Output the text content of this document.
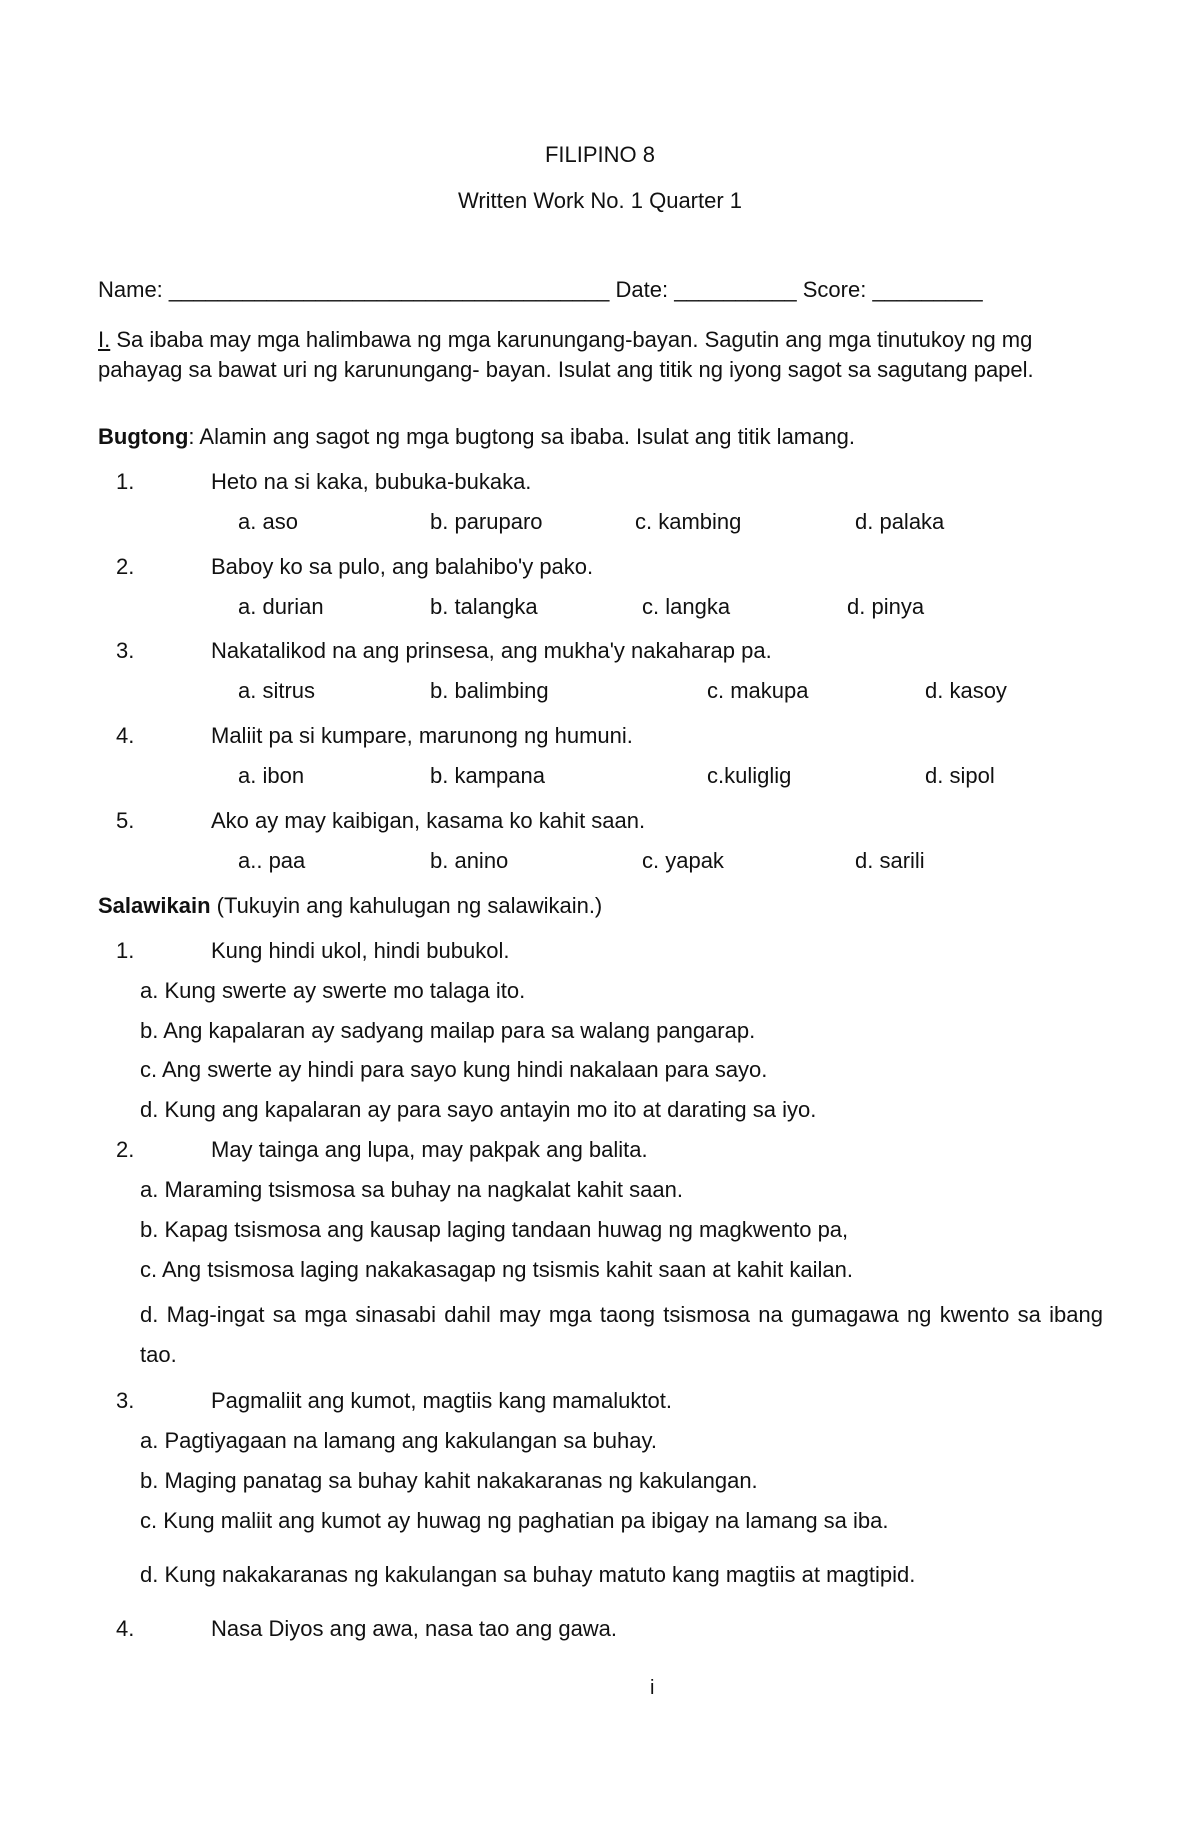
FILIPINO 8
Written Work No. 1 Quarter 1
Name: ____________________________________ Date: __________ Score: _________
I. Sa ibaba may mga halimbawa ng mga karunungang-bayan. Sagutin ang mga tinutukoy ng mg pahayag sa bawat uri ng karunungang- bayan. Isulat ang titik ng iyong sagot sa sagutang papel.
Bugtong: Alamin ang sagot ng mga bugtong sa ibaba. Isulat ang titik lamang.
1.	Heto na si kaka, bubuka-bukaka.
a. aso	b. paruparo	c. kambing	d. palaka
2.	Baboy ko sa pulo, ang balahibo'y pako.
a. durian	b. talangka	c. langka	d. pinya
3.	Nakatalikod na ang prinsesa, ang mukha'y nakaharap pa.
a. sitrus	b. balimbing	c. makupa	d. kasoy
4.	Maliit pa si kumpare, marunong ng humuni.
a. ibon	b. kampana	c.kuliglig	d. sipol
5.	Ako ay may kaibigan, kasama ko kahit saan.
a.. paa	b. anino	c. yapak	d. sarili
Salawikain (Tukuyin ang kahulugan ng salawikain.)
1.	Kung hindi ukol, hindi bubukol.
a. Kung swerte ay swerte mo talaga ito.
b. Ang kapalaran ay sadyang mailap para sa walang pangarap.
c. Ang swerte ay hindi para sayo kung hindi nakalaan para sayo.
d. Kung ang kapalaran ay para sayo antayin mo ito at darating sa iyo.
2.	May tainga ang lupa, may pakpak ang balita.
a. Maraming tsismosa sa buhay na nagkalat kahit saan.
b. Kapag tsismosa ang kausap laging tandaan huwag ng magkwento pa,
c. Ang tsismosa laging nakakasagap ng tsismis kahit saan at kahit kailan.
d. Mag-ingat sa mga sinasabi dahil may mga taong tsismosa na gumagawa ng kwento sa ibang tao.
3.	Pagmaliit ang kumot, magtiis kang mamaluktot.
a. Pagtiyagaan na lamang ang kakulangan sa buhay.
b. Maging panatag sa buhay kahit nakakaranas ng kakulangan.
c. Kung maliit ang kumot ay huwag ng paghatian pa ibigay na lamang sa iba.
d. Kung nakakaranas ng kakulangan sa buhay matuto kang magtiis at magtipid.
4.	Nasa Diyos ang awa, nasa tao ang gawa.
i
